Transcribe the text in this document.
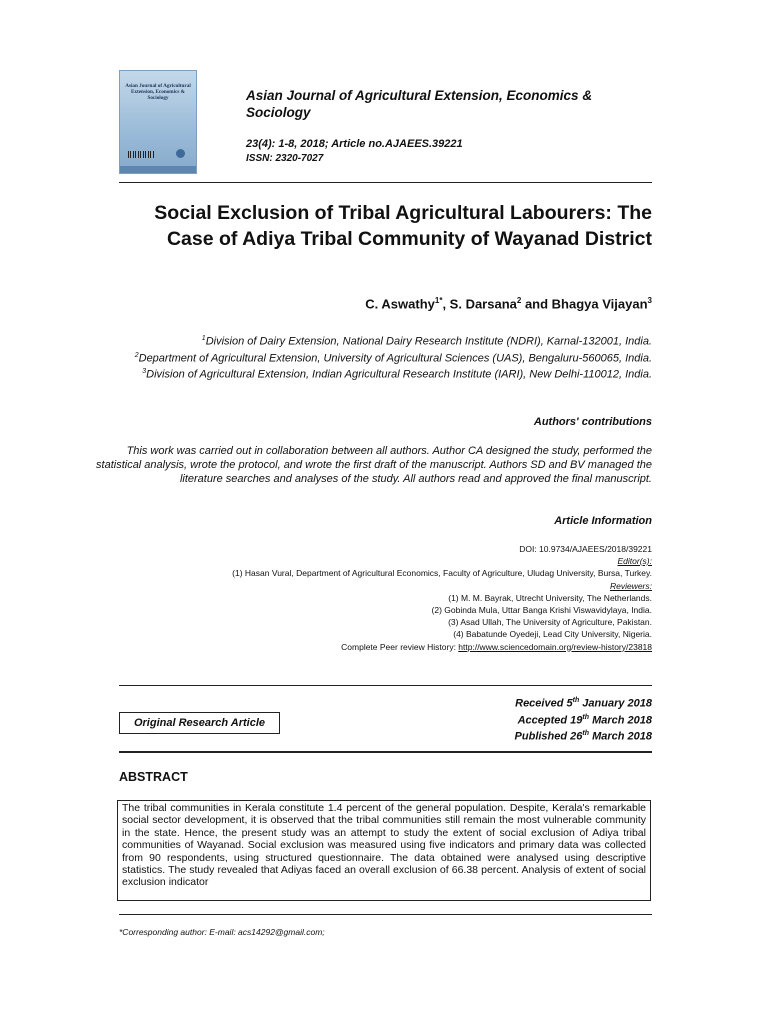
Asian Journal of Agricultural Extension, Economics & Sociology	Asian Journal of Agricultural Extension, Economics & Sociology
23(4): 1-8, 2018; Article no.AJAEES.39221
ISSN: 2320-7027
Social Exclusion of Tribal Agricultural Labourers: The Case of Adiya Tribal Community of Wayanad District
C. Aswathy$^{1*}$, S. Darsana$^2$ and Bhagya Vijayan$^3$
$^1$Division of Dairy Extension, National Dairy Research Institute (NDRI), Karnal-132001, India.
$^2$Department of Agricultural Extension, University of Agricultural Sciences (UAS), Bengaluru-560065, India.
$^3$Division of Agricultural Extension, Indian Agricultural Research Institute (IARI), New Delhi-110012, India.
Authors' contributions
This work was carried out in collaboration between all authors. Author CA designed the study, performed the statistical analysis, wrote the protocol, and wrote the first draft of the manuscript. Authors SD and BV managed the literature searches and analyses of the study. All authors read and approved the final manuscript.
Article Information
DOI: 10.9734/AJAEES/2018/39221
Editor(s):
(1) Hasan Vural, Department of Agricultural Economics, Faculty of Agriculture, Uludag University, Bursa, Turkey.
Reviewers:
(1) M. M. Bayrak, Utrecht University, The Netherlands.
(2) Gobinda Mula, Uttar Banga Krishi Viswavidylaya, India.
(3) Asad Ullah, The University of Agriculture, Pakistan.
(4) Babatunde Oyedeji, Lead City University, Nigeria.
Complete Peer review History: http://www.sciencedomain.org/review-history/23818
Original Research Article
Received 5th January 2018
Accepted 19th March 2018
Published 26th March 2018
ABSTRACT
The tribal communities in Kerala constitute 1.4 percent of the general population. Despite, Kerala's remarkable social sector development, it is observed that the tribal communities still remain the most vulnerable community in the state. Hence, the present study was an attempt to study the extent of social exclusion of Adiya tribal communities of Wayanad. Social exclusion was measured using five indicators and primary data was collected from 90 respondents, using structured questionnaire. The data obtained were analysed using descriptive statistics. The study revealed that Adiyas faced an overall exclusion of 66.38 percent. Analysis of extent of social exclusion indicator
*Corresponding author: E-mail: acs14292@gmail.com;
